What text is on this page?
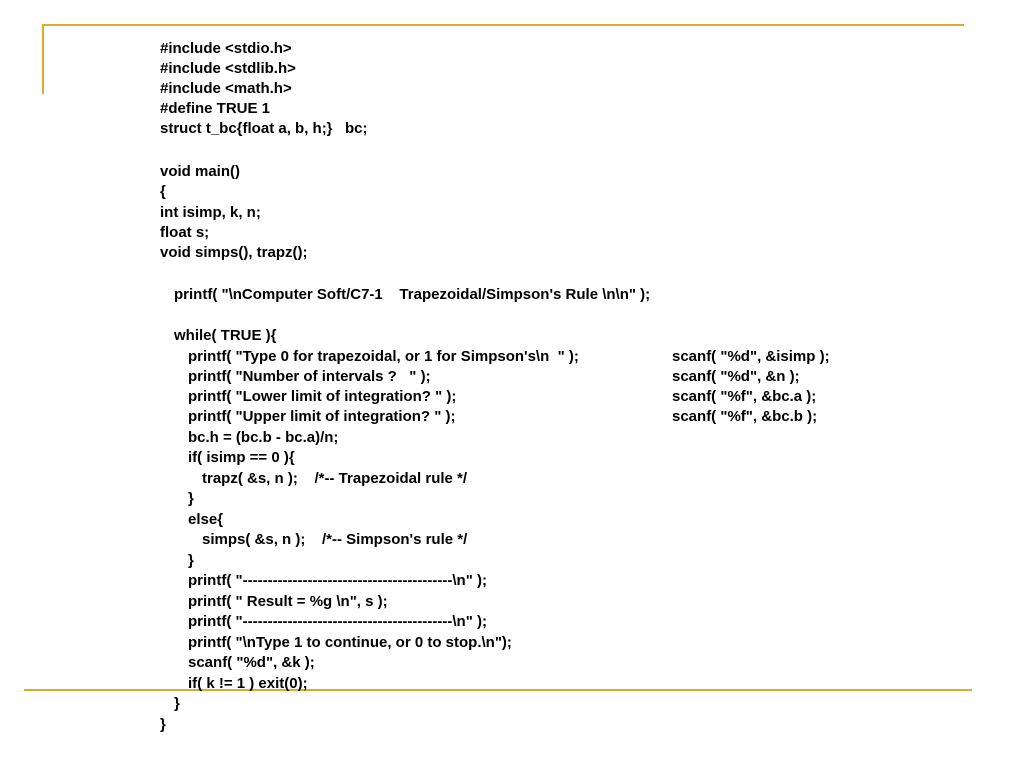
#include <stdio.h>
#include <stdlib.h>
#include <math.h>
#define TRUE 1
struct t_bc{float a, b, h;}   bc;
void main()
{
int isimp, k, n;
float s;
void simps(), trapz();
printf( "\nComputer Soft/C7-1    Trapezoidal/Simpson's Rule \n\n" );
while( TRUE ){
printf( "Type 0 for trapezoidal, or 1 for Simpson's\n  " );	scanf( "%d", &isimp );
printf( "Number of intervals ?   " );	scanf( "%d", &n );
printf( "Lower limit of integration? " );	scanf( "%f", &bc.a );
printf( "Upper limit of integration? " );	scanf( "%f", &bc.b );
bc.h = (bc.b - bc.a)/n;
if( isimp == 0 ){
trapz( &s, n );    /*-- Trapezoidal rule */
}
else{
simps( &s, n );    /*-- Simpson's rule */
}
printf( "------------------------------------------\n" );
printf( " Result = %g \n", s );
printf( "------------------------------------------\n" );
printf( "\nType 1 to continue, or 0 to stop.\n");
scanf( "%d", &k );
if( k != 1 ) exit(0);
}
}
